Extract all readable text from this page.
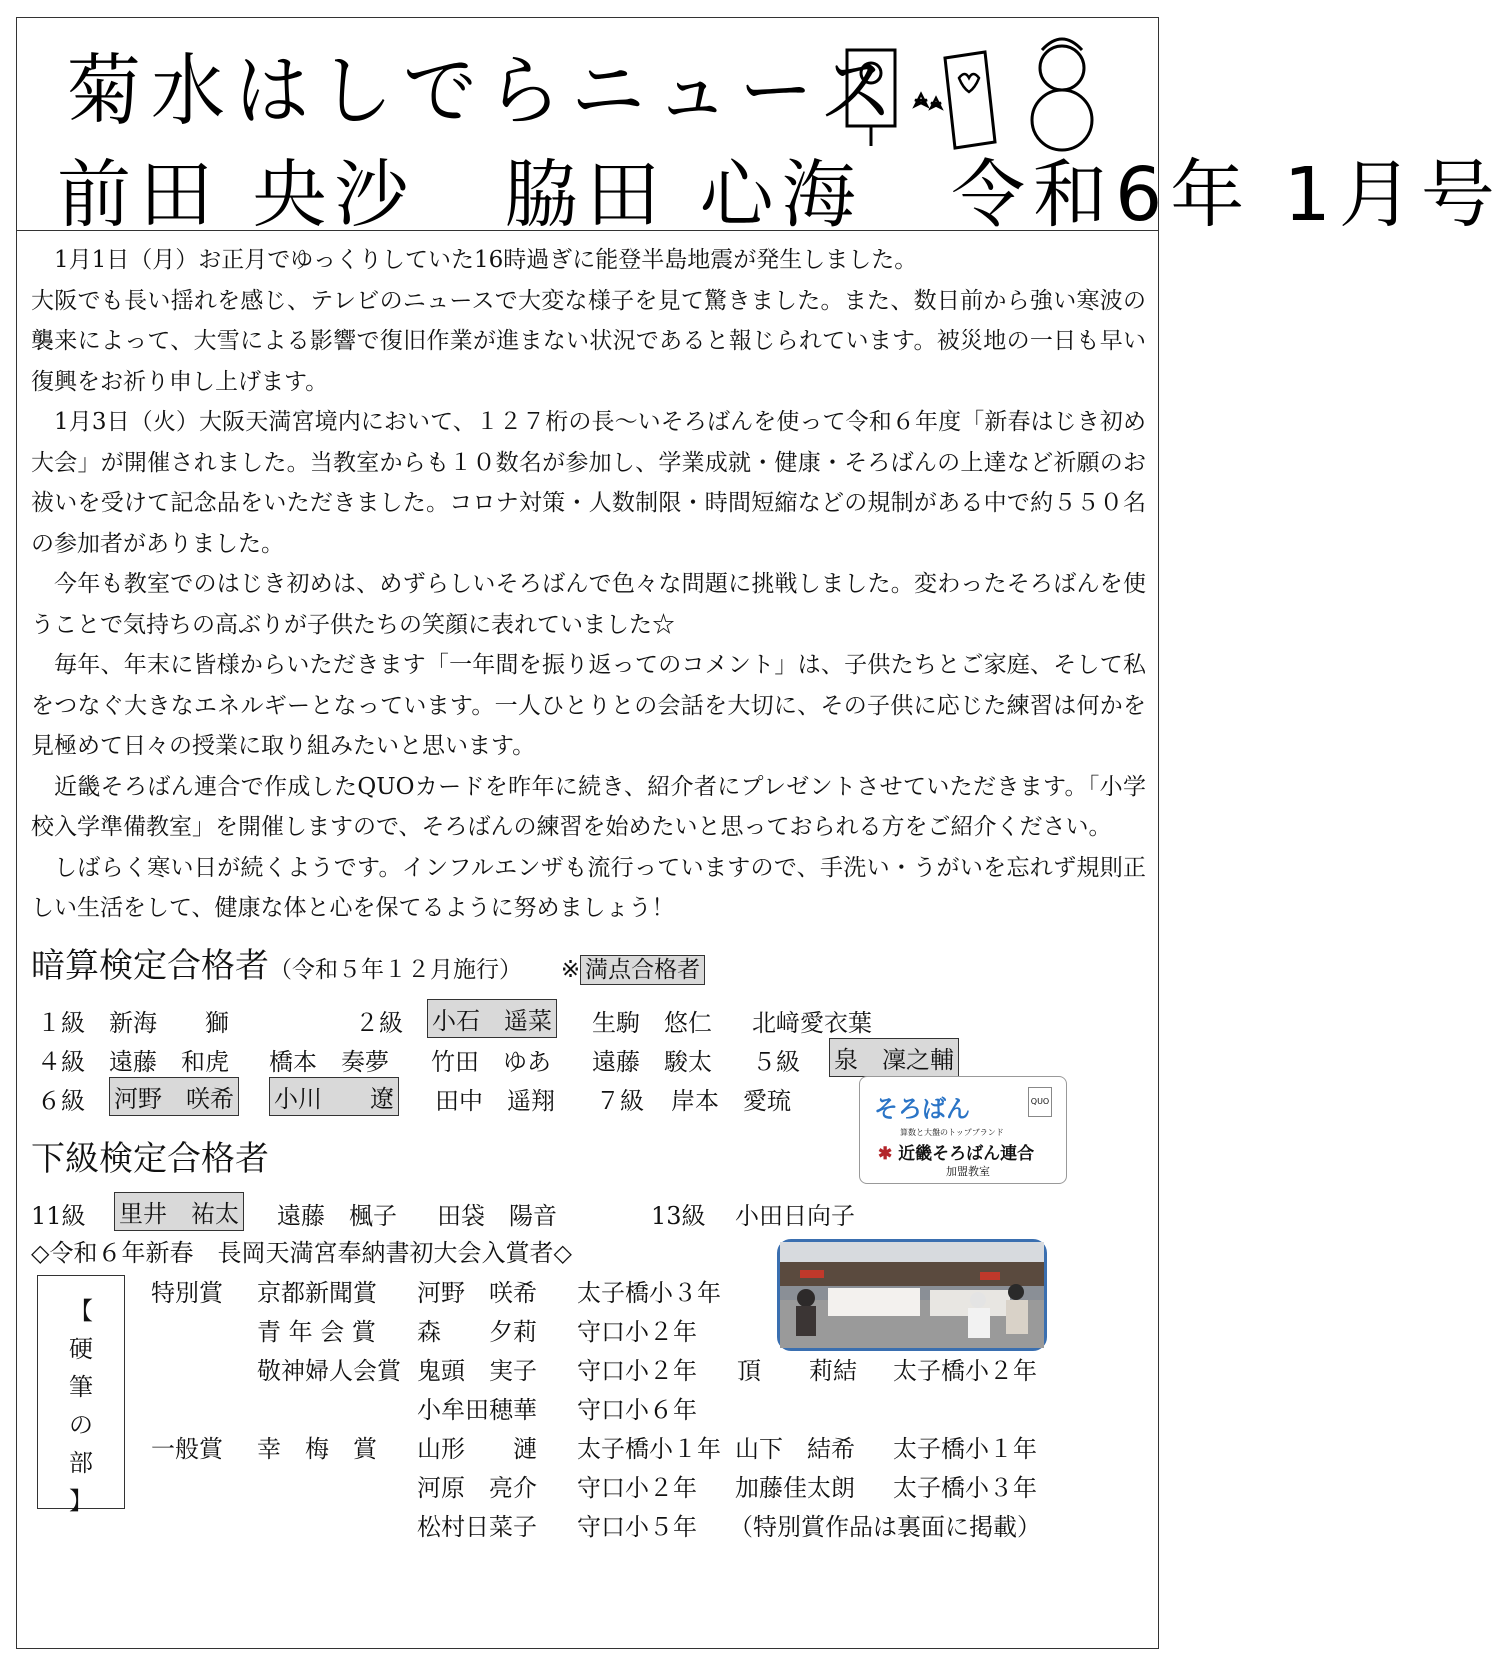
菊水はしでらニュース
前田 央沙 脇田 心海 令和6年 1月号

1月1日（月）お正月でゆっくりしていた16時過ぎに能登半島地震が発生しました。

大阪でも長い揺れを感じ、テレビのニュースで大変な様子を見て驚きました。また、数日前から強い寒波の襲来によって、大雪による影響で復旧作業が進まない状況であると報じられています。被災地の一日も早い復興をお祈り申し上げます。

1月3日（火）大阪天満宮境内において、１２７桁の長〜いそろばんを使って令和６年度「新春はじき初め大会」が開催されました。当教室からも１０数名が参加し、学業成就・健康・そろばんの上達など祈願のお祓いを受けて記念品をいただきました。コロナ対策・人数制限・時間短縮などの規制がある中で約５５０名の参加者がありました。

今年も教室でのはじき初めは、めずらしいそろばんで色々な問題に挑戦しました。変わったそろばんを使うことで気持ちの高ぶりが子供たちの笑顔に表れていました☆

毎年、年末に皆様からいただきます「一年間を振り返ってのコメント」は、子供たちとご家庭、そして私をつなぐ大きなエネルギーとなっています。一人ひとりとの会話を大切に、その子供に応じた練習は何かを見極めて日々の授業に取り組みたいと思います。

近畿そろばん連合で作成したQUOカードを昨年に続き、紹介者にプレゼントさせていただきます。「小学校入学準備教室」を開催しますので、そろばんの練習を始めたいと思っておられる方をご紹介ください。

しばらく寒い日が続くようです。インフルエンザも流行っていますので、手洗い・うがいを忘れず規則正しい生活をして、健康な体と心を保てるように努めましょう！

暗算検定合格者（令和５年１２月施行） ※ 満点合格者
１級 新海　　獅	２級 小石　遥菜 生駒　悠仁 北﨑愛衣葉
４級 遠藤　和虎 橋本　奏夢 竹田　ゆあ 遠藤　駿太 ５級 泉　凜之輔
６級 河野　咲希 小川　　遼 田中　遥翔 ７級 岸本　愛琉	そろばん	QUO
算数と大盤のトップブランド
✱ 近畿そろばん連合
加盟教室
下級検定合格者
11級 里井　祐太 遠藤　楓子 田袋　陽音	13級 小田日向子
◇令和６年新春　長岡天満宮奉納書初大会入賞者◇
【
硬
筆
の
部
】
特別賞 京都新聞賞 河野　咲希 太子橋小３年
青 年 会 賞 森　　夕莉 守口小２年
敬神婦人会賞 鬼頭　実子 守口小２年 頂　　莉結 太子橋小２年
小牟田穂華 守口小６年
一般賞 幸　梅　賞 山形　　漣 太子橋小１年 山下　結希 太子橋小１年
河原　亮介 守口小２年 加藤佳太朗 太子橋小３年
松村日菜子 守口小５年 （特別賞作品は裏面に掲載）
